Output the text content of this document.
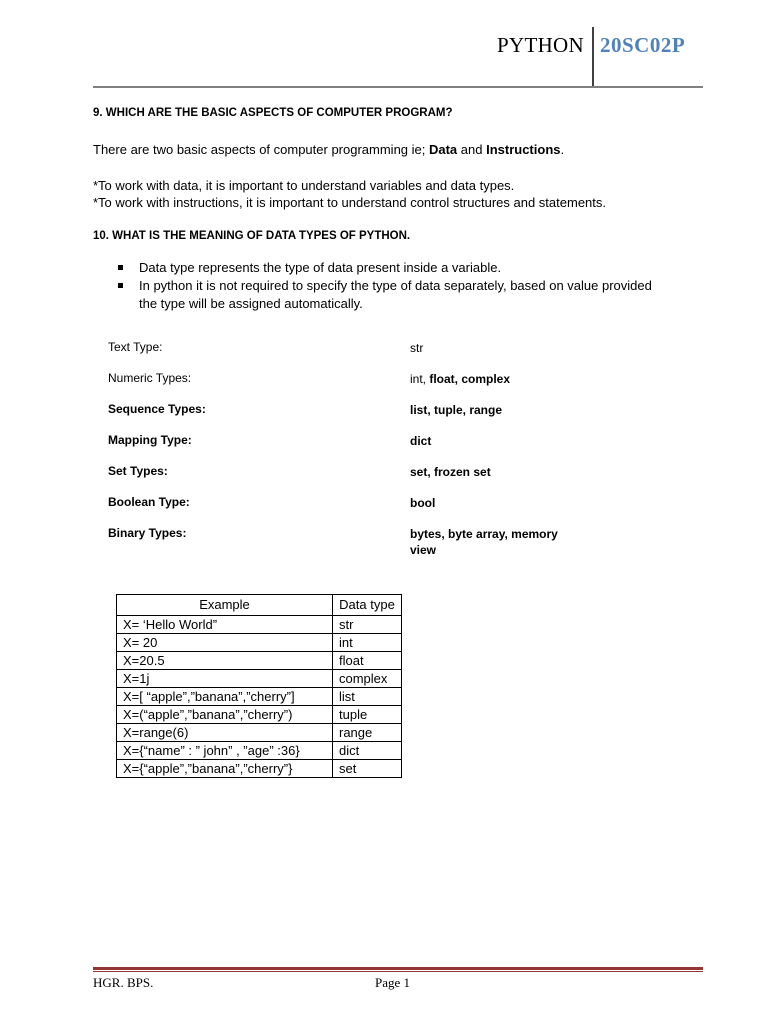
PYTHON 20SC02P
9. WHICH ARE THE BASIC ASPECTS OF COMPUTER PROGRAM?
There are two basic aspects of computer programming ie; Data and Instructions.
*To work with data, it is important to understand variables and data types.
*To work with instructions, it is important to understand control structures and statements.
10. WHAT IS THE MEANING OF DATA TYPES OF PYTHON.
Data type represents the type of data present inside a variable.
In python it is not required to specify the type of data separately, based on value provided the type will be assigned automatically.
Text Type:	str
Numeric Types:	int, float, complex
Sequence Types:	list, tuple, range
Mapping Type:	dict
Set Types:	set, frozen set
Boolean Type:	bool
Binary Types:	bytes, byte array, memory view
Example	Data type
X= ‘Hello World”	str
X= 20	int
X=20.5	float
X=1j	complex
X=[ “apple”,”banana”,”cherry”]	list
X=(“apple”,”banana”,”cherry”)	tuple
X=range(6)	range
X={“name” : ” john” , ”age” :36}	dict
X={“apple”,”banana”,”cherry”}	set
HGR. BPS.	Page 1
